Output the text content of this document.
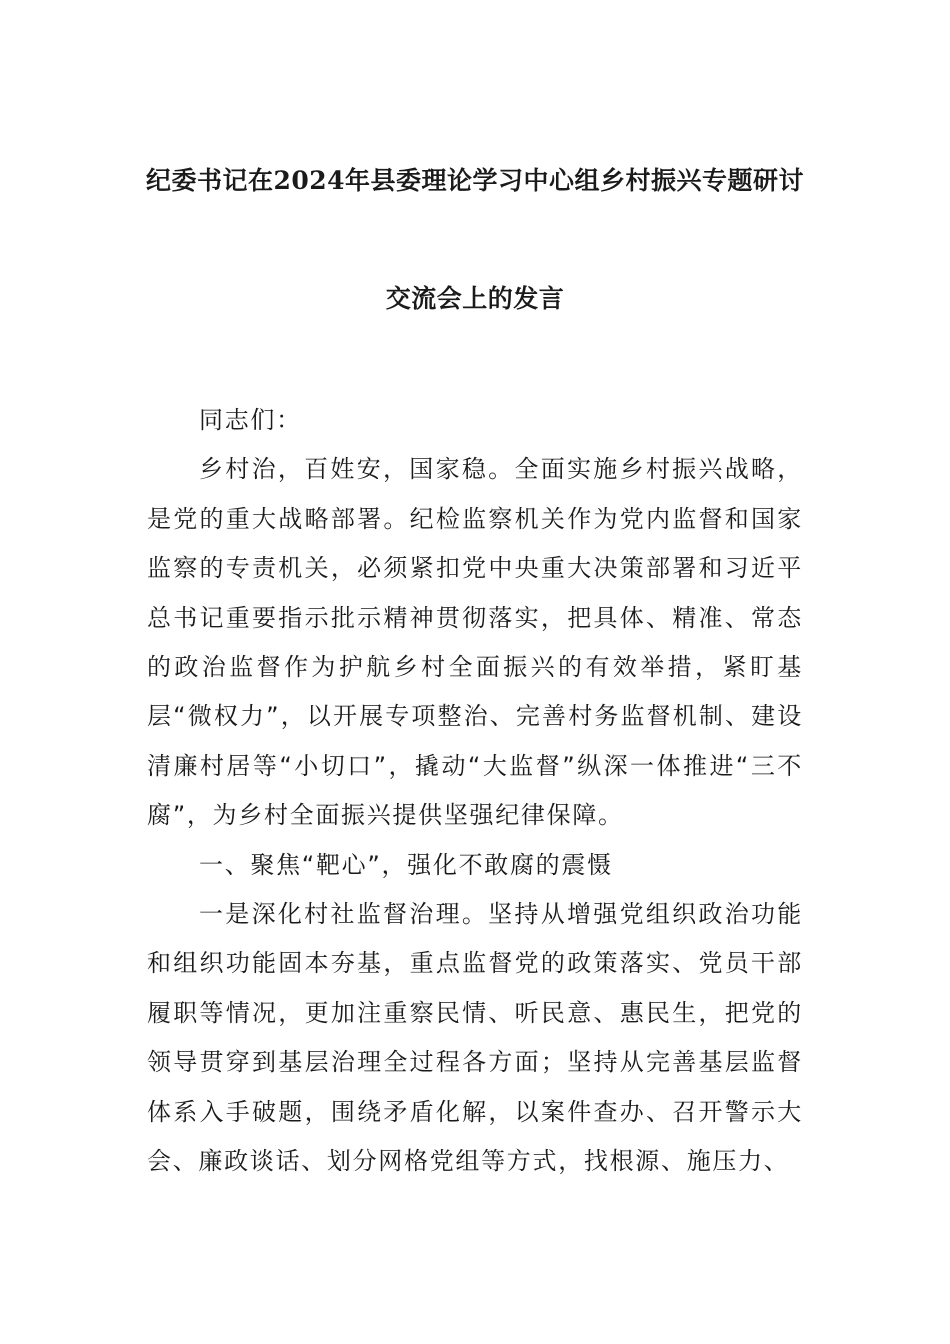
纪委书记在2024年县委理论学习中心组乡村振兴专题研讨
交流会上的发言

同志们：

乡村治，百姓安，国家稳。全面实施乡村振兴战略，是党的重大战略部署。纪检监察机关作为党内监督和国家监察的专责机关，必须紧扣党中央重大决策部署和习近平总书记重要指示批示精神贯彻落实，把具体、精准、常态的政治监督作为护航乡村全面振兴的有效举措，紧盯基层“微权力”，以开展专项整治、完善村务监督机制、建设清廉村居等“小切口”，撬动“大监督”纵深一体推进“三不腐”，为乡村全面振兴提供坚强纪律保障。

一、聚焦“靶心”，强化不敢腐的震慑

一是深化村社监督治理。坚持从增强党组织政治功能和组织功能固本夯基，重点监督党的政策落实、党员干部履职等情况，更加注重察民情、听民意、惠民生，把党的领导贯穿到基层治理全过程各方面；坚持从完善基层监督体系入手破题，围绕矛盾化解，以案件查办、召开警示大会、廉政谈话、划分网格党组等方式，找根源、施压力、
